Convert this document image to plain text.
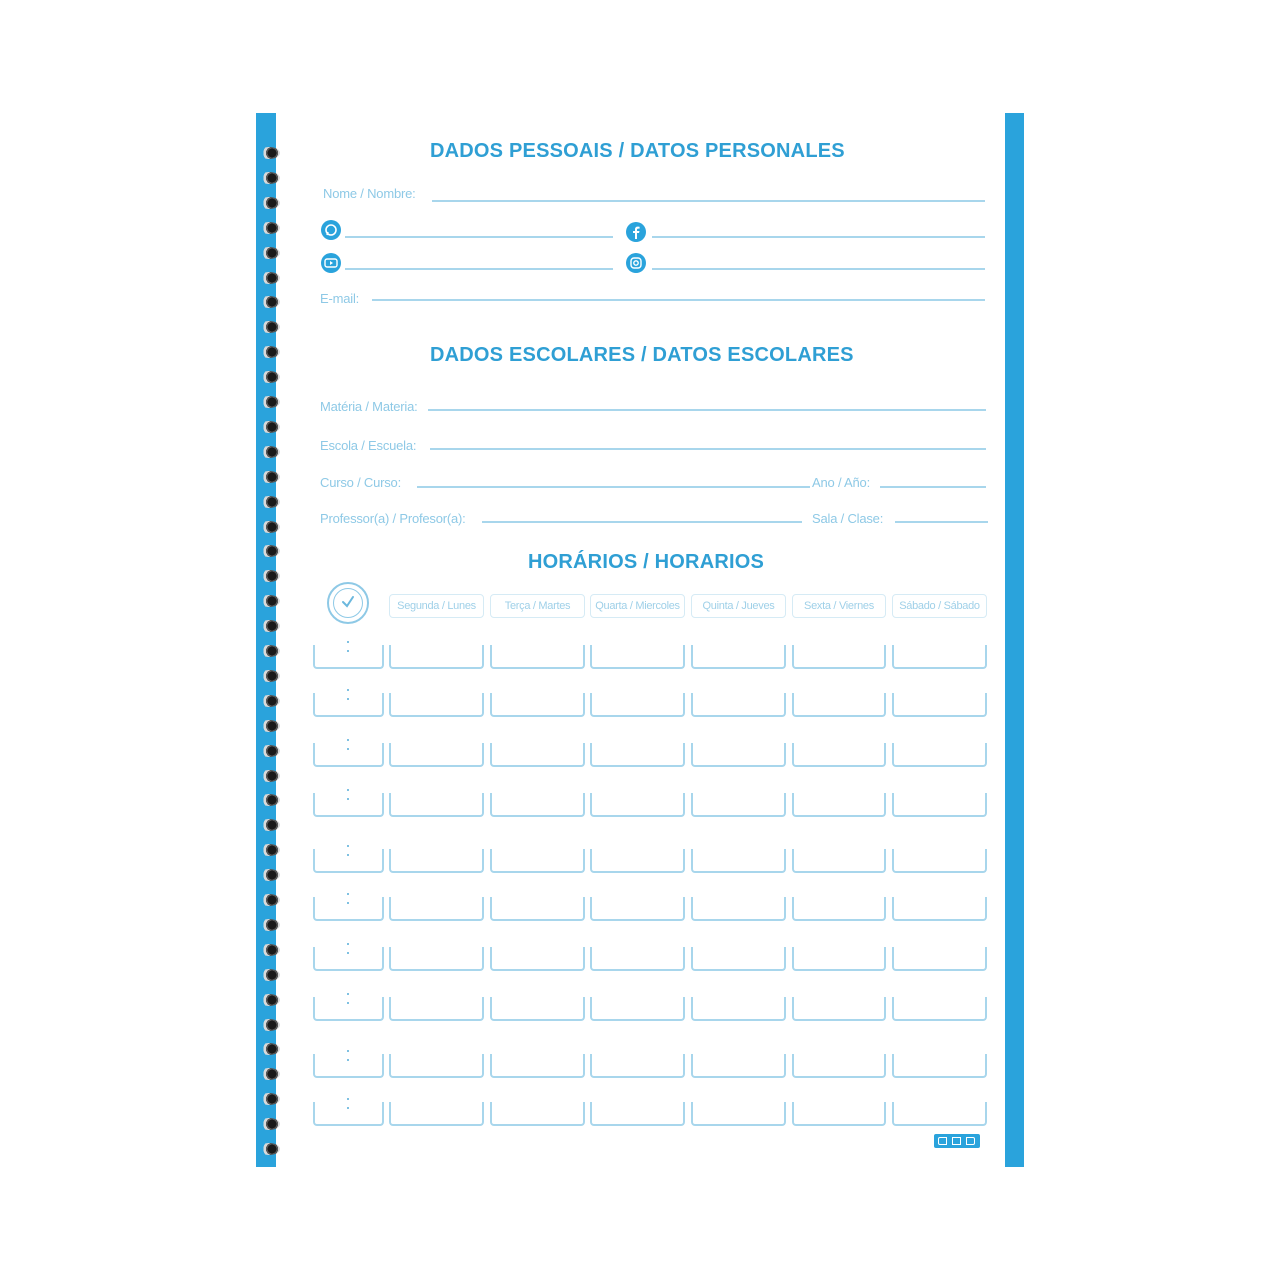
DADOS PESSOAIS / DATOS PERSONALES
Nome / Nombre:
E-mail:
DADOS ESCOLARES / DATOS ESCOLARES
Matéria / Materia:
Escola / Escuela:
Curso / Curso:	Ano / Año:
Professor(a) / Profesor(a):	Sala / Clase:
HORÁRIOS / HORARIOS
Segunda / Lunes	Terça / Martes	Quarta / Miercoles	Quinta / Jueves	Sexta / Viernes	Sábado / Sábado
